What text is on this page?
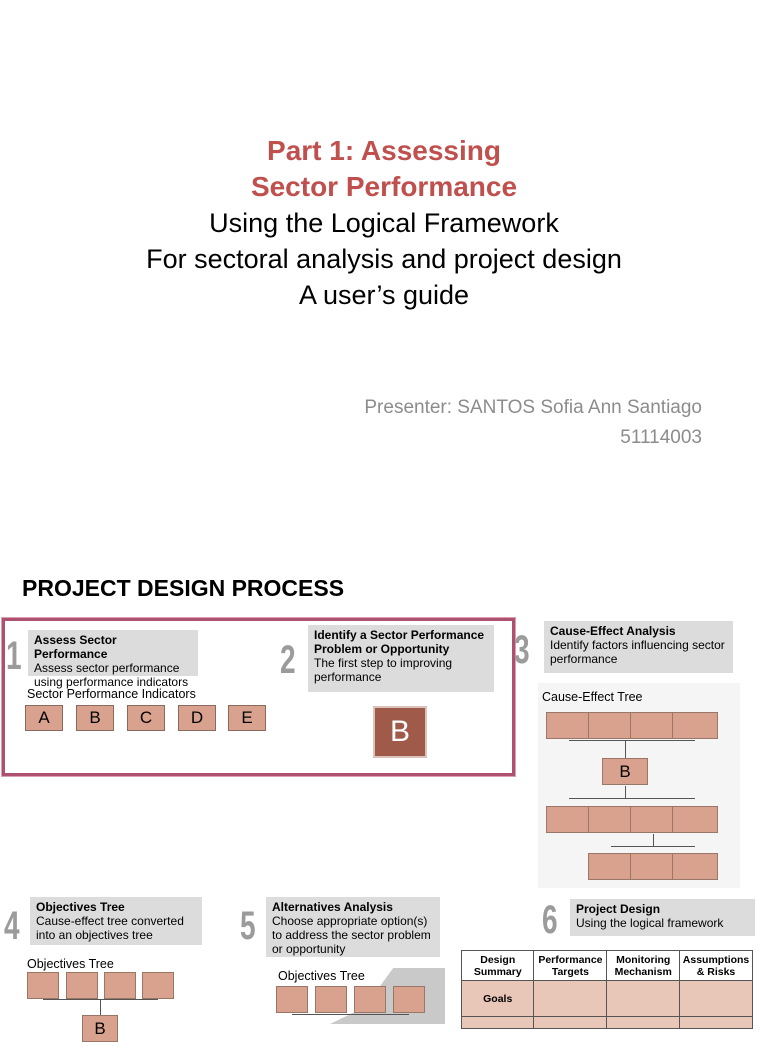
Part 1: Assessing
Sector Performance
Using the Logical Framework
For sectoral analysis and project design
A user’s guide
Presenter: SANTOS Sofia Ann Santiago
51114003
PROJECT DESIGN PROCESS
1 Assess Sector Performance
Assess sector performance using performance indicators
Sector Performance Indicators
A	B	C	D	E
2
Identify a Sector Performance Problem or Opportunity
The first step to improving performance
B
3 Cause-Effect Analysis
Identify factors influencing sector performance
Cause-Effect Tree
B
4 Objectives Tree
Cause-effect tree converted into an objectives tree
Objectives Tree
B
5 Alternatives Analysis
Choose appropriate option(s) to address the sector problem or opportunity
Objectives Tree
6 Project Design
Using the logical framework
Design Summary	Performance Targets	Monitoring Mechanism	Assumptions & Risks
Goals			
